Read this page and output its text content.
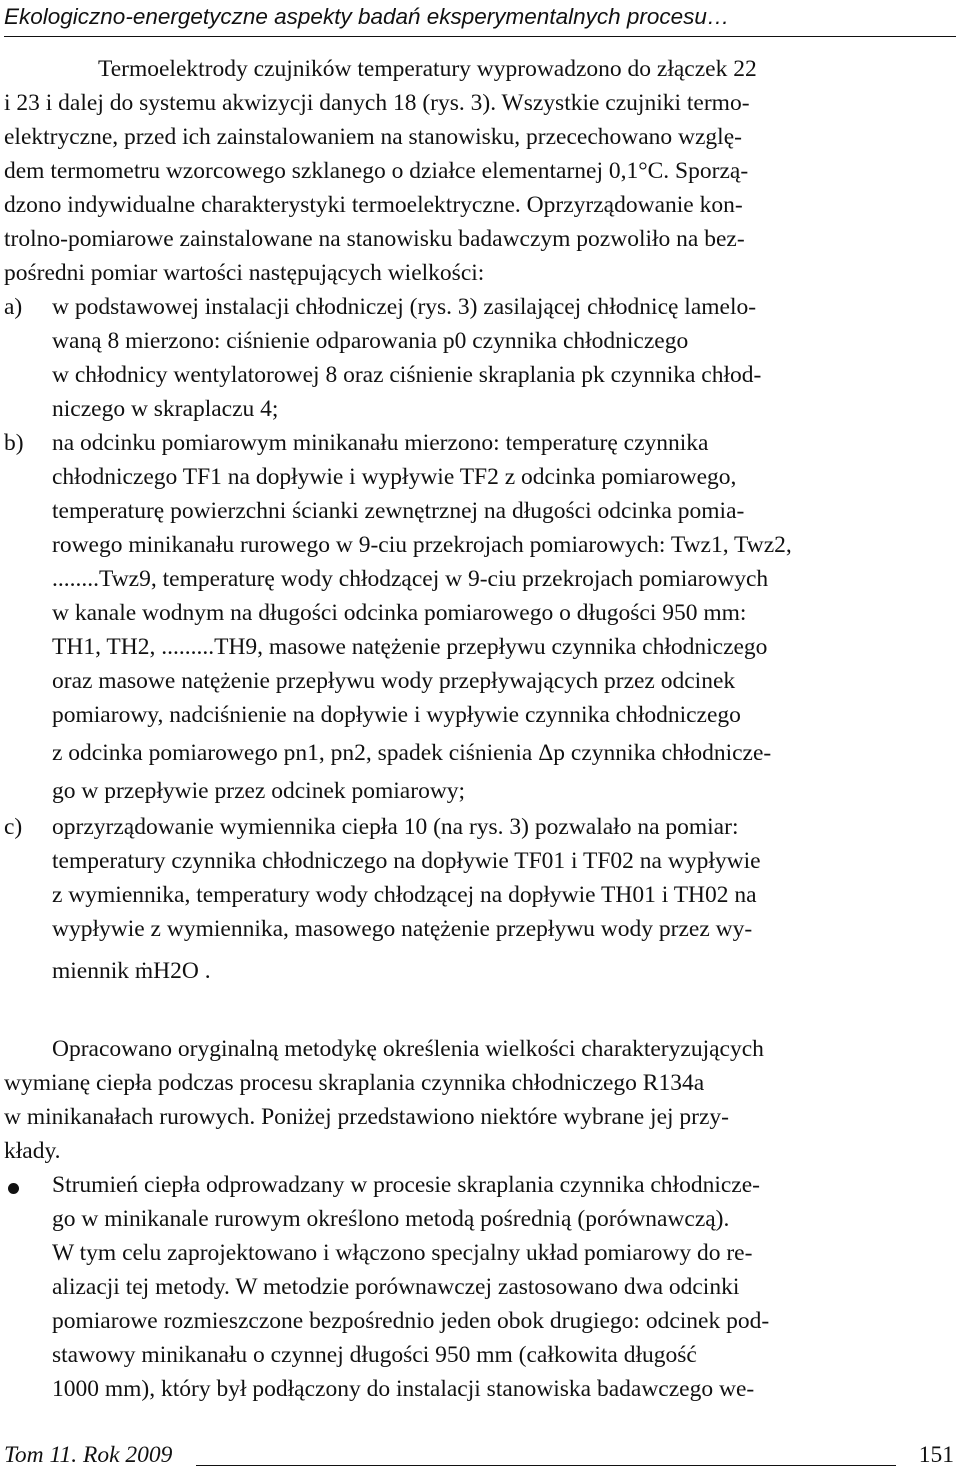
Ekologiczno-energetyczne aspekty badań eksperymentalnych procesu…
Termoelektrody czujników temperatury wyprowadzono do złączek 22
i 23 i dalej do systemu akwizycji danych 18 (rys. 3). Wszystkie czujniki termo-
elektryczne, przed ich zainstalowaniem na stanowisku, przecechowano wzglę-
dem termometru wzorcowego szklanego o działce elementarnej 0,1°C. Sporzą-
dzono indywidualne charakterystyki termoelektryczne. Oprzyrządowanie kon-
trolno-pomiarowe zainstalowane na stanowisku badawczym pozwoliło na bez-
pośredni pomiar wartości następujących wielkości:
a) w podstawowej instalacji chłodniczej (rys. 3) zasilającej chłodnicę lamelo-
waną 8 mierzono: ciśnienie odparowania p0 czynnika chłodniczego
w chłodnicy wentylatorowej 8 oraz ciśnienie skraplania pk czynnika chłod-
niczego w skraplaczu 4;
b) na odcinku pomiarowym minikanału mierzono: temperaturę czynnika
chłodniczego TF1 na dopływie i wypływie TF2 z odcinka pomiarowego,
temperaturę powierzchni ścianki zewnętrznej na długości odcinka pomia-
rowego minikanału rurowego w 9-ciu przekrojach pomiarowych: Twz1, Twz2,
........Twz9, temperaturę wody chłodzącej w 9-ciu przekrojach pomiarowych
w kanale wodnym na długości odcinka pomiarowego o długości 950 mm:
TH1, TH2, .........TH9, masowe natężenie przepływu czynnika chłodniczego
oraz masowe natężenie przepływu wody przepływających przez odcinek
pomiarowy, nadciśnienie na dopływie i wypływie czynnika chłodniczego
z odcinka pomiarowego pn1, pn2, spadek ciśnienia Δp czynnika chłodnicze-
go w przepływie przez odcinek pomiarowy;
c) oprzyrządowanie wymiennika ciepła 10 (na rys. 3) pozwalało na pomiar:
temperatury czynnika chłodniczego na dopływie TF01 i TF02 na wypływie
z wymiennika, temperatury wody chłodzącej na dopływie TH01 i TH02 na
wypływie z wymiennika, masowego natężenie przepływu wody przez wy-
miennik ṁH2O .
Opracowano oryginalną metodykę określenia wielkości charakteryzujących
wymianę ciepła podczas procesu skraplania czynnika chłodniczego R134a
w minikanałach rurowych. Poniżej przedstawiono niektóre wybrane jej przy-
kłady.
Strumień ciepła odprowadzany w procesie skraplania czynnika chłodnicze-
go w minikanale rurowym określono metodą pośrednią (porównawczą).
W tym celu zaprojektowano i włączono specjalny układ pomiarowy do re-
alizacji tej metody. W metodzie porównawczej zastosowano dwa odcinki
pomiarowe rozmieszczone bezpośrednio jeden obok drugiego: odcinek pod-
stawowy minikanału o czynnej długości 950 mm (całkowita długość
1000 mm), który był podłączony do instalacji stanowiska badawczego we-
Tom 11. Rok 2009	151
